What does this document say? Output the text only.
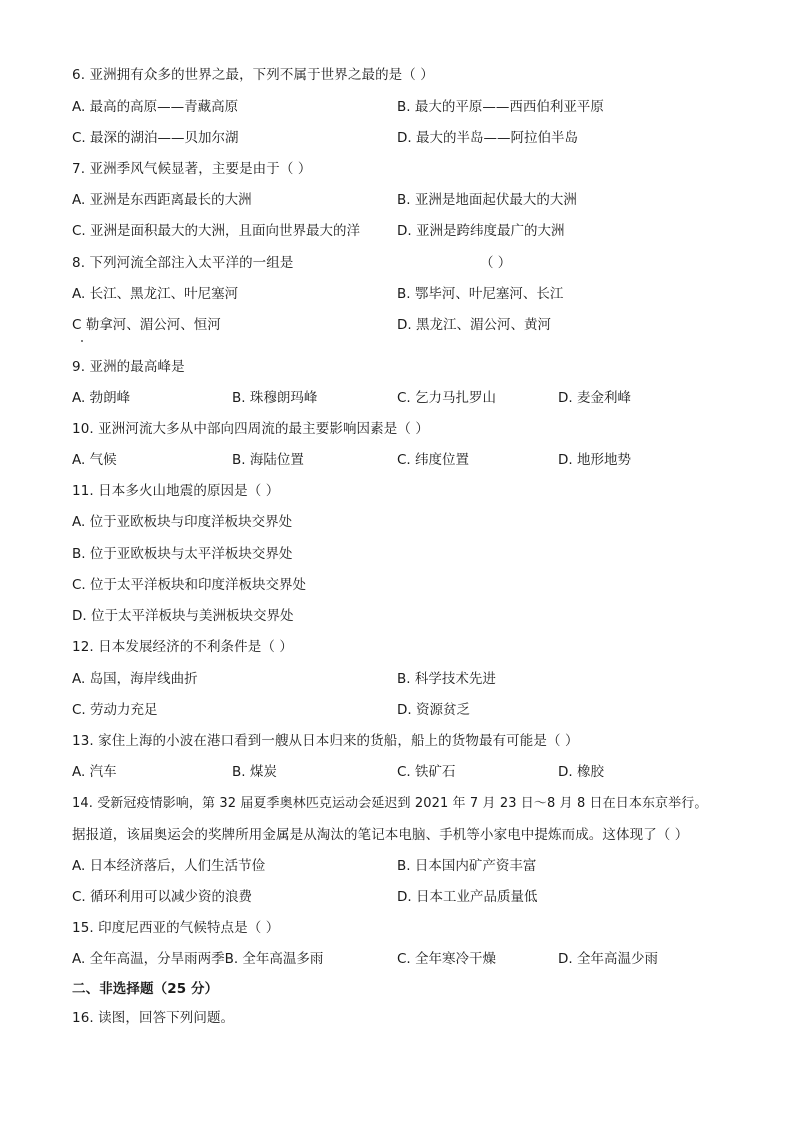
6. 亚洲拥有众多的世界之最，下列不属于世界之最的是（ ）
A. 最高的高原——青藏高原	B. 最大的平原——西西伯利亚平原
C. 最深的湖泊——贝加尔湖	D. 最大的半岛——阿拉伯半岛
7. 亚洲季风气候显著，主要是由于（ ）
A. 亚洲是东西距离最长的大洲	B. 亚洲是地面起伏最大的大洲
C. 亚洲是面积最大的大洲，且面向世界最大的洋	D. 亚洲是跨纬度最广的大洲
8. 下列河流全部注入太平洋的一组是	（ ）
A. 长江、黑龙江、叶尼塞河	B. 鄂毕河、叶尼塞河、长江
C 勒拿河、湄公河、恒河	D. 黑龙江、湄公河、黄河
9. 亚洲的最高峰是
A. 勃朗峰	B. 珠穆朗玛峰	C. 乞力马扎罗山	D. 麦金利峰
10. 亚洲河流大多从中部向四周流的最主要影响因素是（ ）
A. 气候	B. 海陆位置	C. 纬度位置	D. 地形地势
11. 日本多火山地震的原因是（ ）
A. 位于亚欧板块与印度洋板块交界处
B. 位于亚欧板块与太平洋板块交界处
C. 位于太平洋板块和印度洋板块交界处
D. 位于太平洋板块与美洲板块交界处
12. 日本发展经济的不利条件是（ ）
A. 岛国，海岸线曲折	B. 科学技术先进
C. 劳动力充足	D. 资源贫乏
13. 家住上海的小波在港口看到一艘从日本归来的货船，船上的货物最有可能是（ ）
A. 汽车	B. 煤炭	C. 铁矿石	D. 橡胶
14. 受新冠疫情影响，第 32 届夏季奥林匹克运动会延迟到 2021 年 7 月 23 日～8 月 8 日在日本东京举行。
据报道，该届奥运会的奖牌所用金属是从淘汰的笔记本电脑、手机等小家电中提炼而成。这体现了（ ）
A. 日本经济落后，人们生活节俭	B. 日本国内矿产资丰富
C. 循环利用可以减少资的浪费	D. 日本工业产品质量低
15. 印度尼西亚的气候特点是（ ）
A. 全年高温，分旱雨两季B. 全年高温多雨	C. 全年寒冷干燥	D. 全年高温少雨
二、非选择题（25 分）
16. 读图，回答下列问题。
